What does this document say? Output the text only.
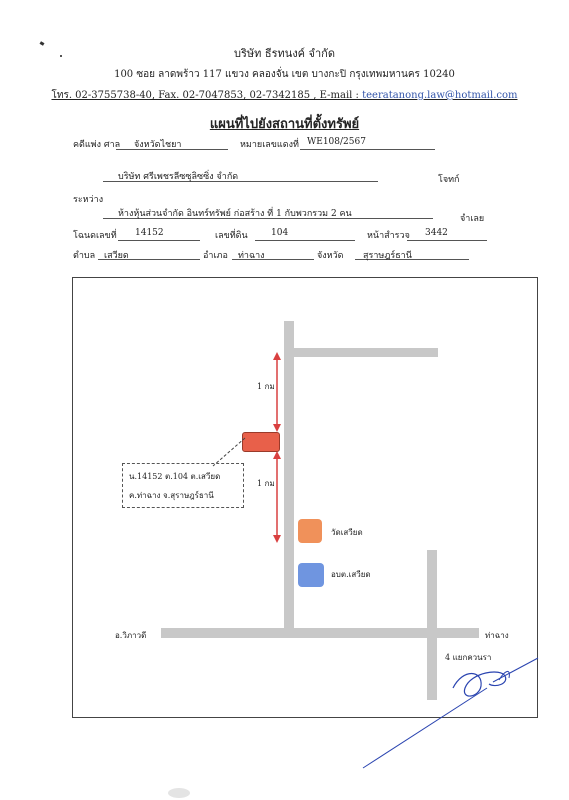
บริษัท ธีรทนงค์ จำกัด
100 ซอย ลาดพร้าว 117 แขวง คลองจั่น เขต บางกะปิ กรุงเทพมหานคร 10240
โทร. 02-3755738-40, Fax. 02-7047853, 02-7342185 , E-mail : teeratanong.law@hotmail.com
แผนที่ไปยังสถานที่ตั้งทรัพย์
คดีแพ่ง ศาล จังหวัดไชยา	หมายเลขแดงที่ WE108/2567
บริษัท ศรีเพชรลีซซุลิซซิ่ง จำกัด	โจทก์
ระหว่าง
ห้างหุ้นส่วนจำกัด อินทร์ทรัพย์ ก่อสร้าง ที่ 1 กับพวกรวม 2 คน	จำเลย
โฉนดเลขที่ 14152	เลขที่ดิน	104	หน้าสำรวจ 3442
ตำบล เสวียด	อำเภอ ท่าฉาง	จังหวัด สุราษฎร์ธานี
1 กม
1 กม
น.14152 ต.104 ต.เสวียด
ค.ท่าฉาง จ.สุราษฎร์ธานี
วัดเสวียด
อบต.เสวียด
อ.วิภาวดี	ท่าฉาง
4 แยกควนรา
